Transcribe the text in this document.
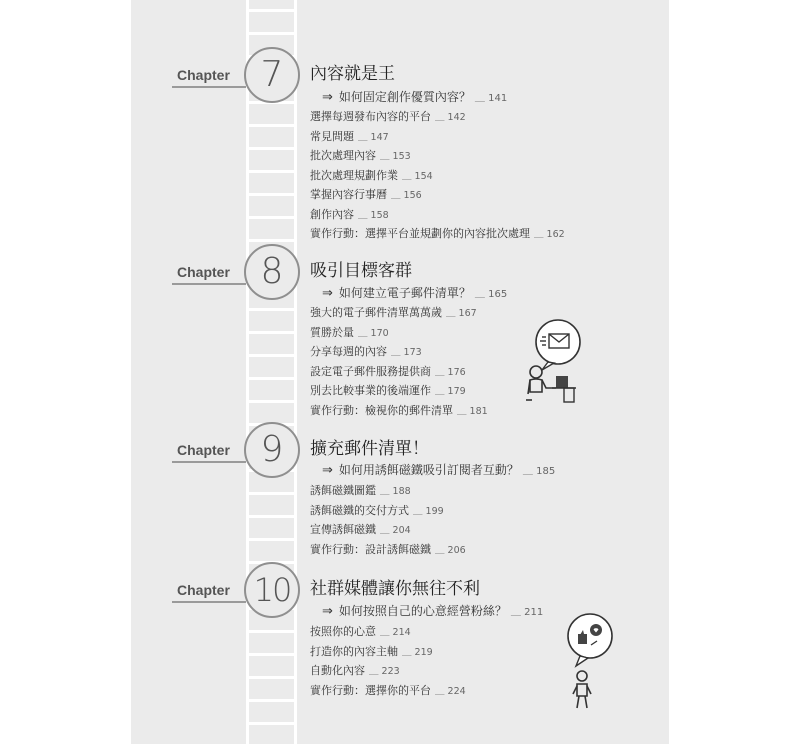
Chapter 7	內容就是王
⇒ 如何固定創作優質內容？ ＿ 141
選擇每週發布內容的平台 ＿ 142
常見問題 ＿ 147
批次處理內容 ＿ 153
批次處理規劃作業 ＿ 154
掌握內容行事曆 ＿ 156
創作內容 ＿ 158
實作行動：選擇平台並規劃你的內容批次處理 ＿ 162
Chapter 8	吸引目標客群
⇒ 如何建立電子郵件清單？ ＿ 165
強大的電子郵件清單萬萬歲 ＿ 167
質勝於量 ＿ 170
分享每週的內容 ＿ 173
設定電子郵件服務提供商 ＿ 176
別去比較事業的後端運作 ＿ 179
實作行動：檢視你的郵件清單 ＿ 181
Chapter 9	擴充郵件清單！
⇒ 如何用誘餌磁鐵吸引訂閱者互動？ ＿ 185
誘餌磁鐵圖鑑 ＿ 188
誘餌磁鐵的交付方式 ＿ 199
宣傳誘餌磁鐵 ＿ 204
實作行動：設計誘餌磁鐵 ＿ 206
Chapter 10	社群媒體讓你無往不利
⇒ 如何按照自己的心意經營粉絲？ ＿ 211
按照你的心意 ＿ 214
打造你的內容主軸 ＿ 219
自動化內容 ＿ 223
實作行動：選擇你的平台 ＿ 224
